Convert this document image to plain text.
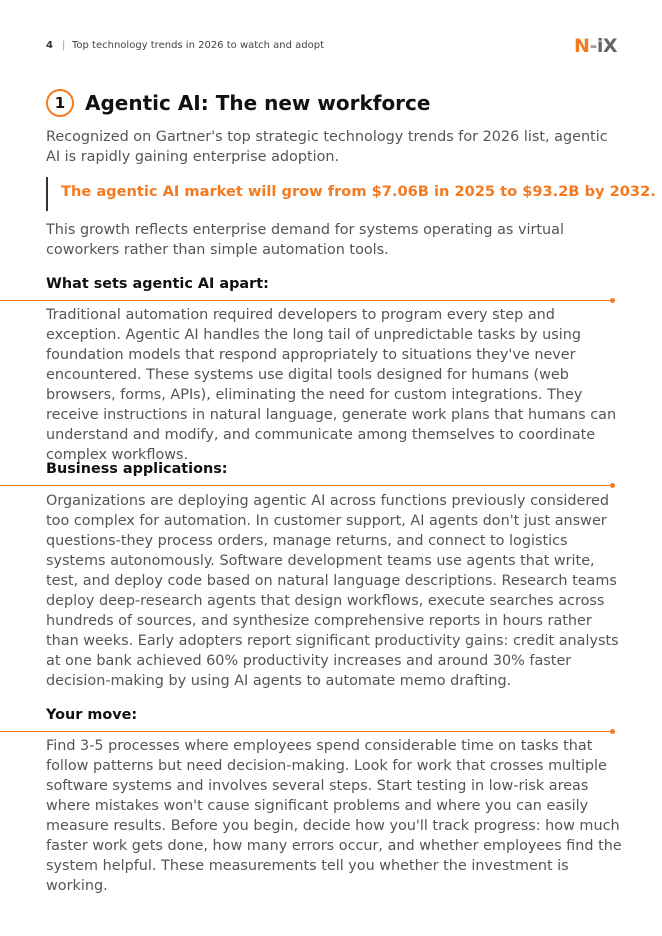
4 | Top technology trends in 2026 to watch and adopt	N-iX
1 Agentic AI: The new workforce

Recognized on Gartner's top strategic technology trends for 2026 list, agentic AI is rapidly gaining enterprise adoption.

The agentic AI market will grow from $7.06B in 2025 to $93.2B by 2032.

This growth reflects enterprise demand for systems operating as virtual coworkers rather than simple automation tools.

What sets agentic AI apart:

Traditional automation required developers to program every step and exception. Agentic AI handles the long tail of unpredictable tasks by using foundation models that respond appropriately to situations they've never encountered. These systems use digital tools designed for humans (web browsers, forms, APIs), eliminating the need for custom integrations. They receive instructions in natural language, generate work plans that humans can understand and modify, and communicate among themselves to coordinate complex workflows.

Business applications:

Organizations are deploying agentic AI across functions previously considered too complex for automation. In customer support, AI agents don't just answer questions-they process orders, manage returns, and connect to logistics systems autonomously. Software development teams use agents that write, test, and deploy code based on natural language descriptions. Research teams deploy deep-research agents that design workflows, execute searches across hundreds of sources, and synthesize comprehensive reports in hours rather than weeks. Early adopters report significant productivity gains: credit analysts at one bank achieved 60% productivity increases and around 30% faster decision-making by using AI agents to automate memo drafting.

Your move:

Find 3-5 processes where employees spend considerable time on tasks that follow patterns but need decision-making. Look for work that crosses multiple software systems and involves several steps. Start testing in low-risk areas where mistakes won't cause significant problems and where you can easily measure results. Before you begin, decide how you'll track progress: how much faster work gets done, how many errors occur, and whether employees find the system helpful. These measurements tell you whether the investment is working.
